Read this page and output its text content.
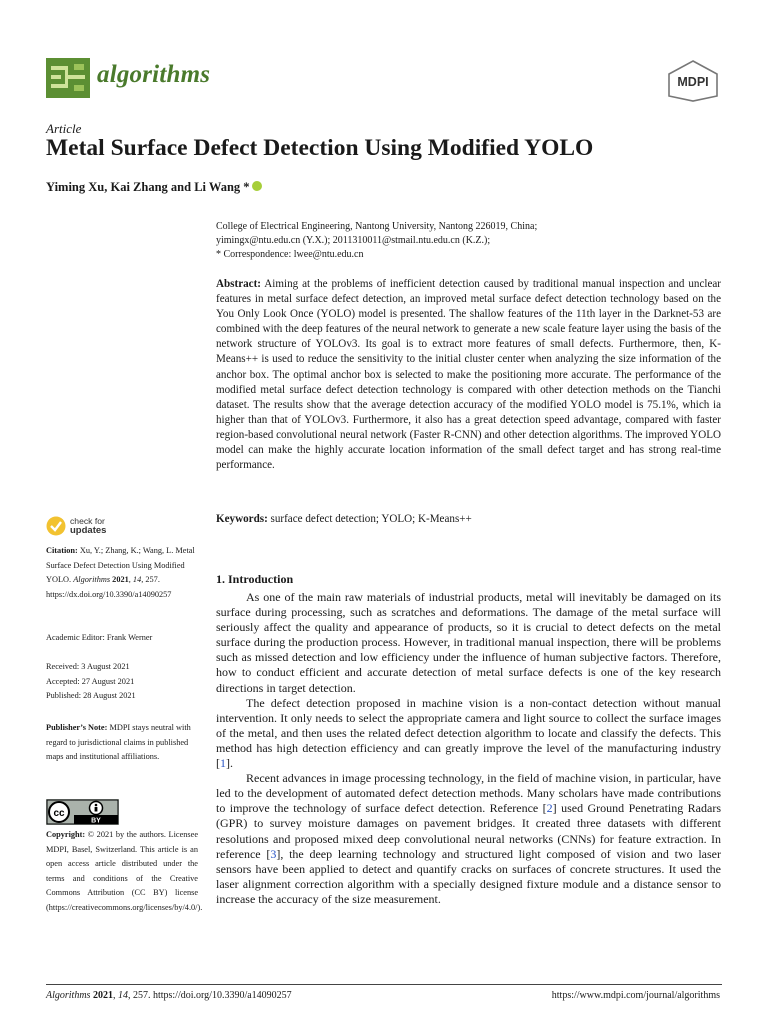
algorithms	MDPI
Article
Metal Surface Defect Detection Using Modified YOLO
Yiming Xu, Kai Zhang and Li Wang *
College of Electrical Engineering, Nantong University, Nantong 226019, China;
yimingx@ntu.edu.cn (Y.X.); 2011310011@stmail.ntu.edu.cn (K.Z.);
* Correspondence: lwee@ntu.edu.cn
Abstract: Aiming at the problems of inefficient detection caused by traditional manual inspection and unclear features in metal surface defect detection, an improved metal surface defect detection technology based on the You Only Look Once (YOLO) model is presented. The shallow features of the 11th layer in the Darknet-53 are combined with the deep features of the neural network to generate a new scale feature layer using the basis of the network structure of YOLOv3. Its goal is to extract more features of small defects. Furthermore, then, K-Means++ is used to reduce the sensitivity to the initial cluster center when analyzing the size information of the anchor box. The optimal anchor box is selected to make the positioning more accurate. The performance of the modified metal surface defect detection technology is compared with other detection methods on the Tianchi dataset. The results show that the average detection accuracy of the modified YOLO model is 75.1%, which ia higher than that of YOLOv3. Furthermore, it also has a great detection speed advantage, compared with faster region-based convolutional neural network (Faster R-CNN) and other detection algorithms. The improved YOLO model can make the highly accurate location information of the small defect target and has strong real-time performance.
Keywords: surface defect detection; YOLO; K-Means++
check for
updates
Citation: Xu, Y.; Zhang, K.; Wang, L. Metal Surface Defect Detection Using Modified YOLO. Algorithms 2021, 14, 257. https://dx.doi.org/10.3390/a14090257
Academic Editor: Frank Werner

Received: 3 August 2021

Accepted: 27 August 2021

Published: 28 August 2021

Publisher’s Note: MDPI stays neutral with regard to jurisdictional claims in published maps and institutional affiliations.
cc
BY
Copyright: © 2021 by the authors. Licensee MDPI, Basel, Switzerland. This article is an open access article distributed under the terms and conditions of the Creative Commons Attribution (CC BY) license (https://creativecommons.org/licenses/by/4.0/).
1. Introduction

As one of the main raw materials of industrial products, metal will inevitably be damaged on its surface during processing, such as scratches and deformations. The damage of the metal surface will seriously affect the quality and appearance of products, so it is crucial to detect defects on the metal surface during the production process. However, in traditional manual inspection, there will be problems such as missed detection and low efficiency under the influence of human subjective factors. Therefore, how to conduct efficient and accurate detection of metal surface defects is one of the key research directions in target detection.

The defect detection proposed in machine vision is a non-contact detection without manual intervention. It only needs to select the appropriate camera and light source to collect the surface images of the metal, and then uses the related defect detection algorithm to locate and classify the defects. This method has high detection efficiency and can greatly improve the level of the manufacturing industry [1].

Recent advances in image processing technology, in the field of machine vision, in particular, have led to the development of automated defect detection methods. Many scholars have made contributions to improve the technology of surface defect detection. Reference [2] used Ground Penetrating Radars (GPR) to survey moisture damages on pavement bridges. It created three datasets with different resolutions and proposed mixed deep convolutional neural networks (CNNs) for feature extraction. In reference [3], the deep learning technology and structured light composed of vision and two laser sensors have been applied to detect and quantify cracks on surfaces of concrete structures. It used the laser alignment correction algorithm with a specially designed fixture module and a distance sensor to increase the accuracy of the size measurement.

Algorithms 2021, 14, 257. https://doi.org/10.3390/a14090257	https://www.mdpi.com/journal/algorithms
